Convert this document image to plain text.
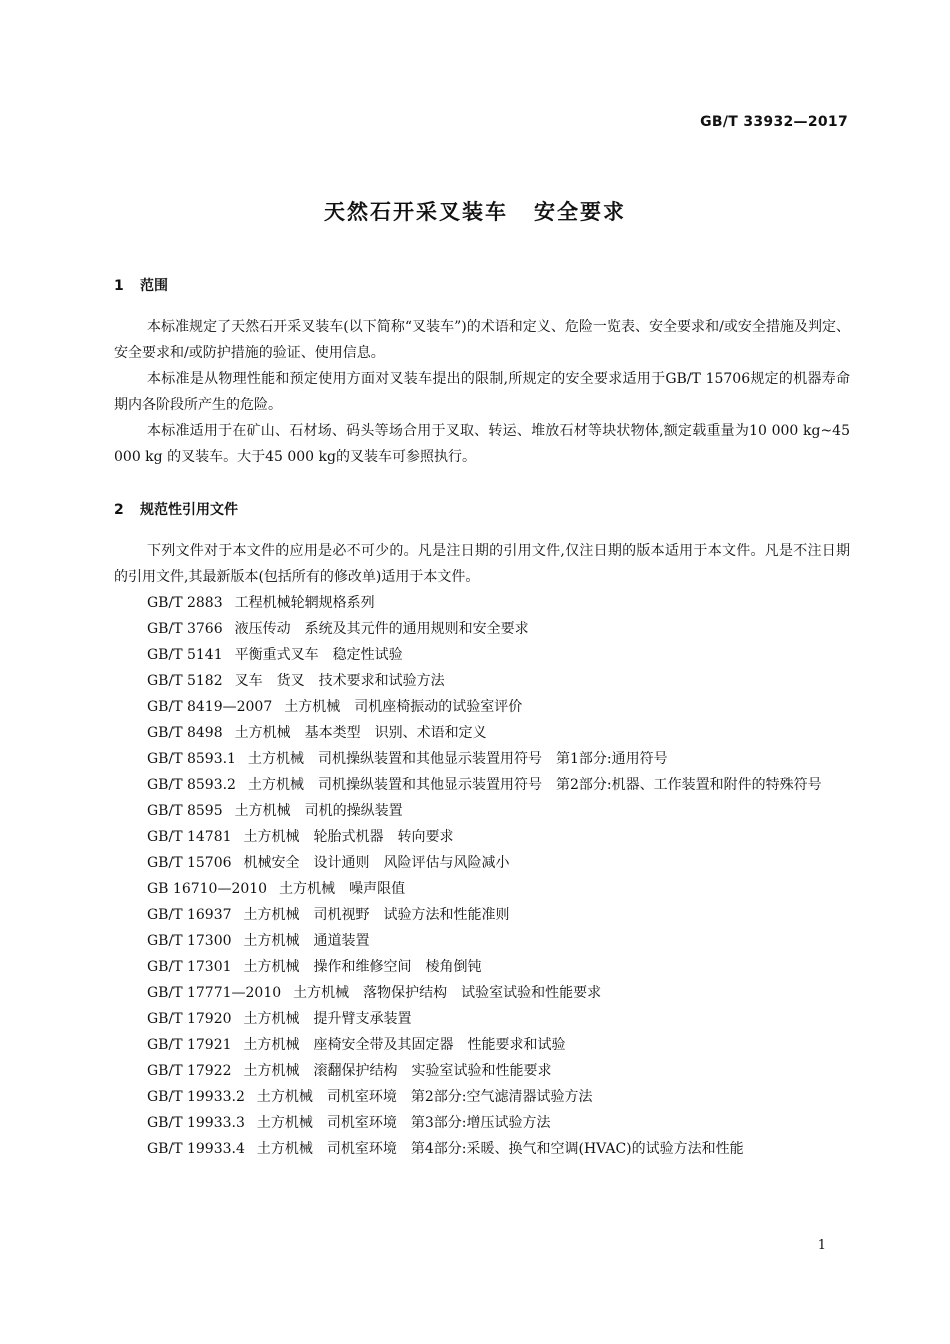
GB/T 33932—2017
天然石开采叉装车 安全要求
1 范围

本标准规定了天然石开采叉装车(以下简称“叉装车”)的术语和定义、危险一览表、安全要求和/或安全措施及判定、安全要求和/或防护措施的验证、使用信息。

本标准是从物理性能和预定使用方面对叉装车提出的限制,所规定的安全要求适用于GB/T 15706规定的机器寿命期内各阶段所产生的危险。

本标准适用于在矿山、石材场、码头等场合用于叉取、转运、堆放石材等块状物体,额定载重量为10 000 kg~45 000 kg 的叉装车。大于45 000 kg的叉装车可参照执行。

2 规范性引用文件

下列文件对于本文件的应用是必不可少的。凡是注日期的引用文件,仅注日期的版本适用于本文件。凡是不注日期的引用文件,其最新版本(包括所有的修改单)适用于本文件。

GB/T 2883 工程机械轮辋规格系列

GB/T 3766 液压传动　系统及其元件的通用规则和安全要求

GB/T 5141 平衡重式叉车　稳定性试验

GB/T 5182 叉车　货叉　技术要求和试验方法

GB/T 8419—2007 土方机械　司机座椅振动的试验室评价

GB/T 8498 土方机械　基本类型　识别、术语和定义

GB/T 8593.1 土方机械　司机操纵装置和其他显示装置用符号　第1部分:通用符号

GB/T 8593.2 土方机械　司机操纵装置和其他显示装置用符号　第2部分:机器、工作装置和附件的特殊符号

GB/T 8595 土方机械　司机的操纵装置

GB/T 14781 土方机械　轮胎式机器　转向要求

GB/T 15706 机械安全　设计通则　风险评估与风险减小

GB 16710—2010 土方机械　噪声限值

GB/T 16937 土方机械　司机视野　试验方法和性能准则

GB/T 17300 土方机械　通道装置

GB/T 17301 土方机械　操作和维修空间　棱角倒钝

GB/T 17771—2010 土方机械　落物保护结构　试验室试验和性能要求

GB/T 17920 土方机械　提升臂支承装置

GB/T 17921 土方机械　座椅安全带及其固定器　性能要求和试验

GB/T 17922 土方机械　滚翻保护结构　实验室试验和性能要求

GB/T 19933.2 土方机械　司机室环境　第2部分:空气滤清器试验方法

GB/T 19933.3 土方机械　司机室环境　第3部分:增压试验方法

GB/T 19933.4 土方机械　司机室环境　第4部分:采暖、换气和空调(HVAC)的试验方法和性能

1
